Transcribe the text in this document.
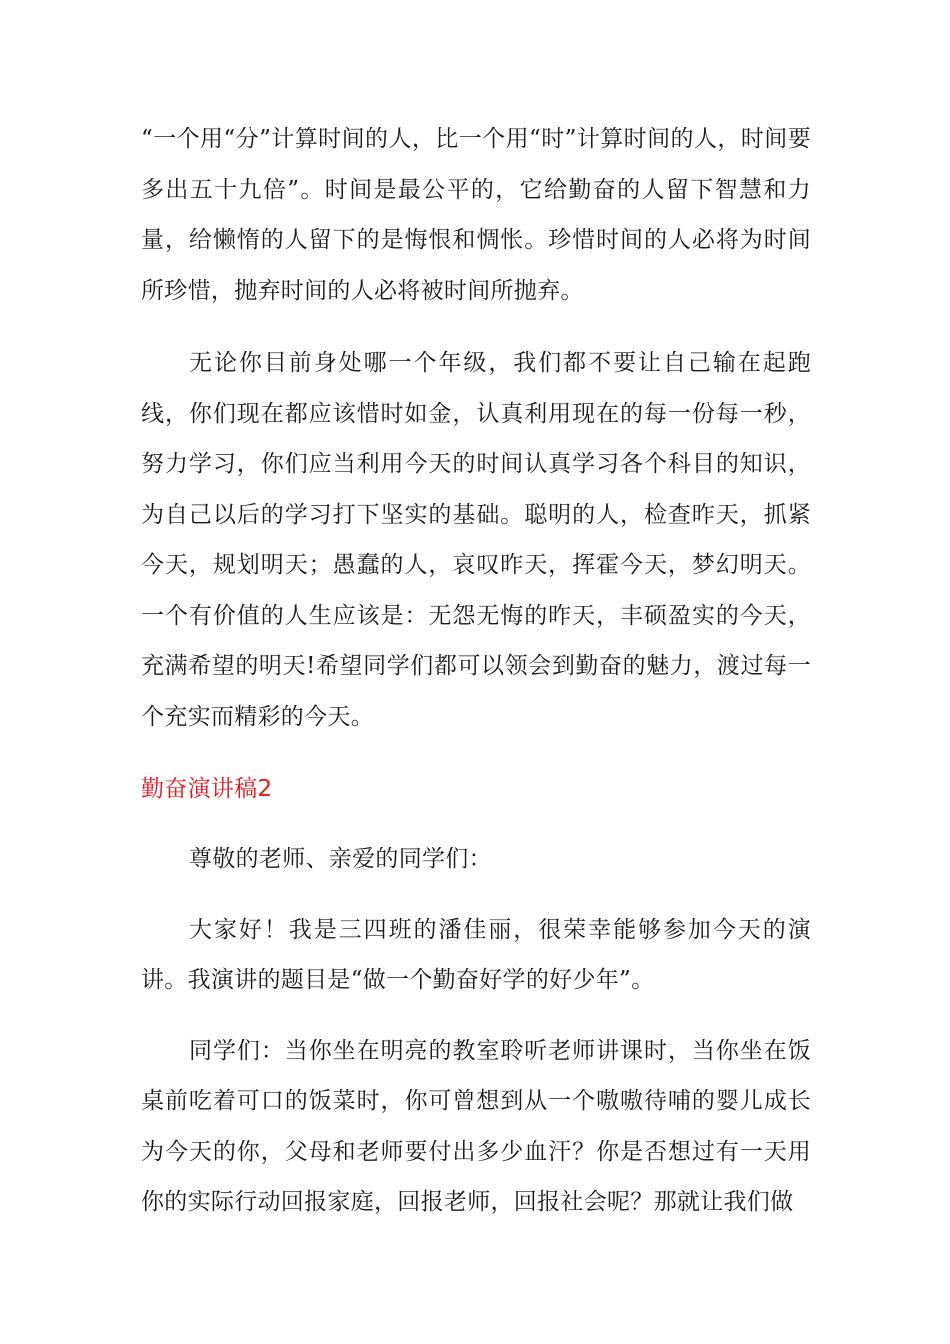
“一个用“分”计算时间的人，比一个用“时”计算时间的人，时间要多出五十九倍”。时间是最公平的，它给勤奋的人留下智慧和力量，给懒惰的人留下的是悔恨和惆怅。珍惜时间的人必将为时间所珍惜，抛弃时间的人必将被时间所抛弃。

无论你目前身处哪一个年级，我们都不要让自己输在起跑线，你们现在都应该惜时如金，认真利用现在的每一份每一秒，努力学习，你们应当利用今天的时间认真学习各个科目的知识，为自己以后的学习打下坚实的基础。聪明的人，检查昨天，抓紧今天，规划明天；愚蠢的人，哀叹昨天，挥霍今天，梦幻明天。一个有价值的人生应该是：无怨无悔的昨天，丰硕盈实的今天，充满希望的明天!希望同学们都可以领会到勤奋的魅力，渡过每一个充实而精彩的今天。

勤奋演讲稿2

尊敬的老师、亲爱的同学们：

大家好！我是三四班的潘佳丽，很荣幸能够参加今天的演讲。我演讲的题目是“做一个勤奋好学的好少年”。

同学们：当你坐在明亮的教室聆听老师讲课时，当你坐在饭桌前吃着可口的饭菜时，你可曾想到从一个嗷嗷待哺的婴儿成长为今天的你，父母和老师要付出多少血汗？你是否想过有一天用你的实际行动回报家庭，回报老师，回报社会呢？那就让我们做
